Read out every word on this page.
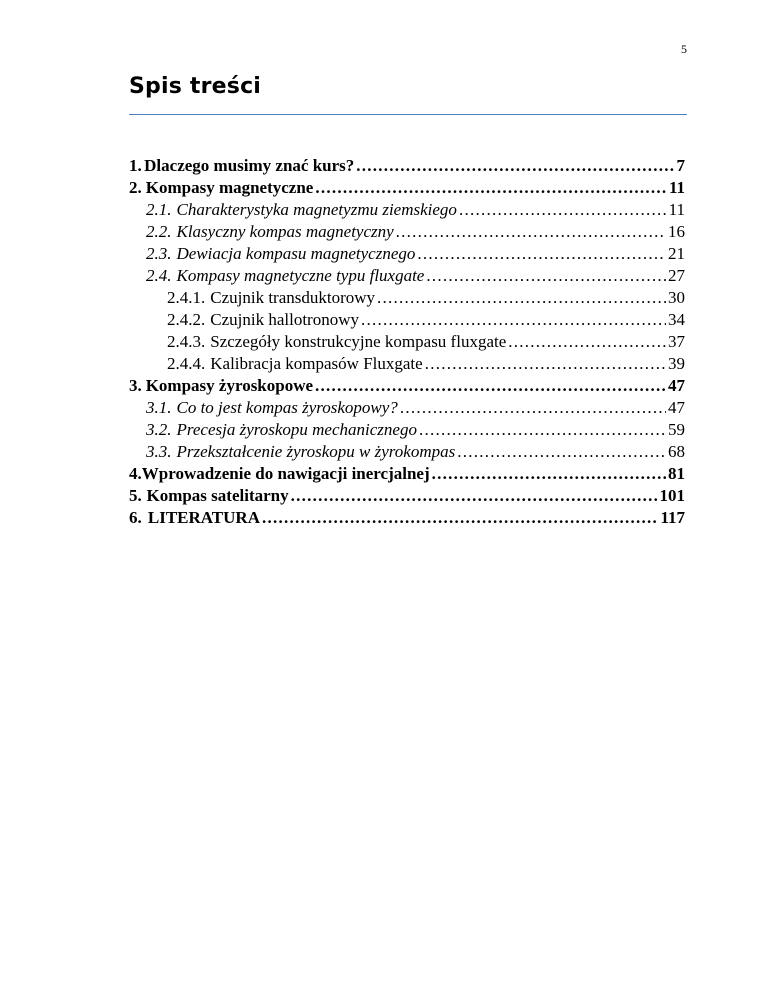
5
Spis treści
1. Dlaczego musimy znać kurs? . . .	7
2. Kompasy magnetyczne . . .	11
2.1. Charakterystyka magnetyzmu ziemskiego . . .	11
2.2. Klasyczny kompas magnetyczny . . .	16
2.3. Dewiacja kompasu magnetycznego . . .	21
2.4. Kompasy magnetyczne typu fluxgate . . .	27
2.4.1. Czujnik transduktorowy . . .	30
2.4.2. Czujnik hallotronowy . . .	34
2.4.3. Szczegóły konstrukcyjne kompasu fluxgate . . .	37
2.4.4. Kalibracja kompasów Fluxgate . . .	39
3. Kompasy żyroskopowe . . .	47
3.1. Co to jest kompas żyroskopowy? . . .	47
3.2. Precesja żyroskopu mechanicznego . . .	59
3.3. Przekształcenie żyroskopu w żyrokompas . . .	68
4. Wprowadzenie do nawigacji inercjalnej . . .	81
5. Kompas satelitarny . . .	101
6. LITERATURA . . .	117
